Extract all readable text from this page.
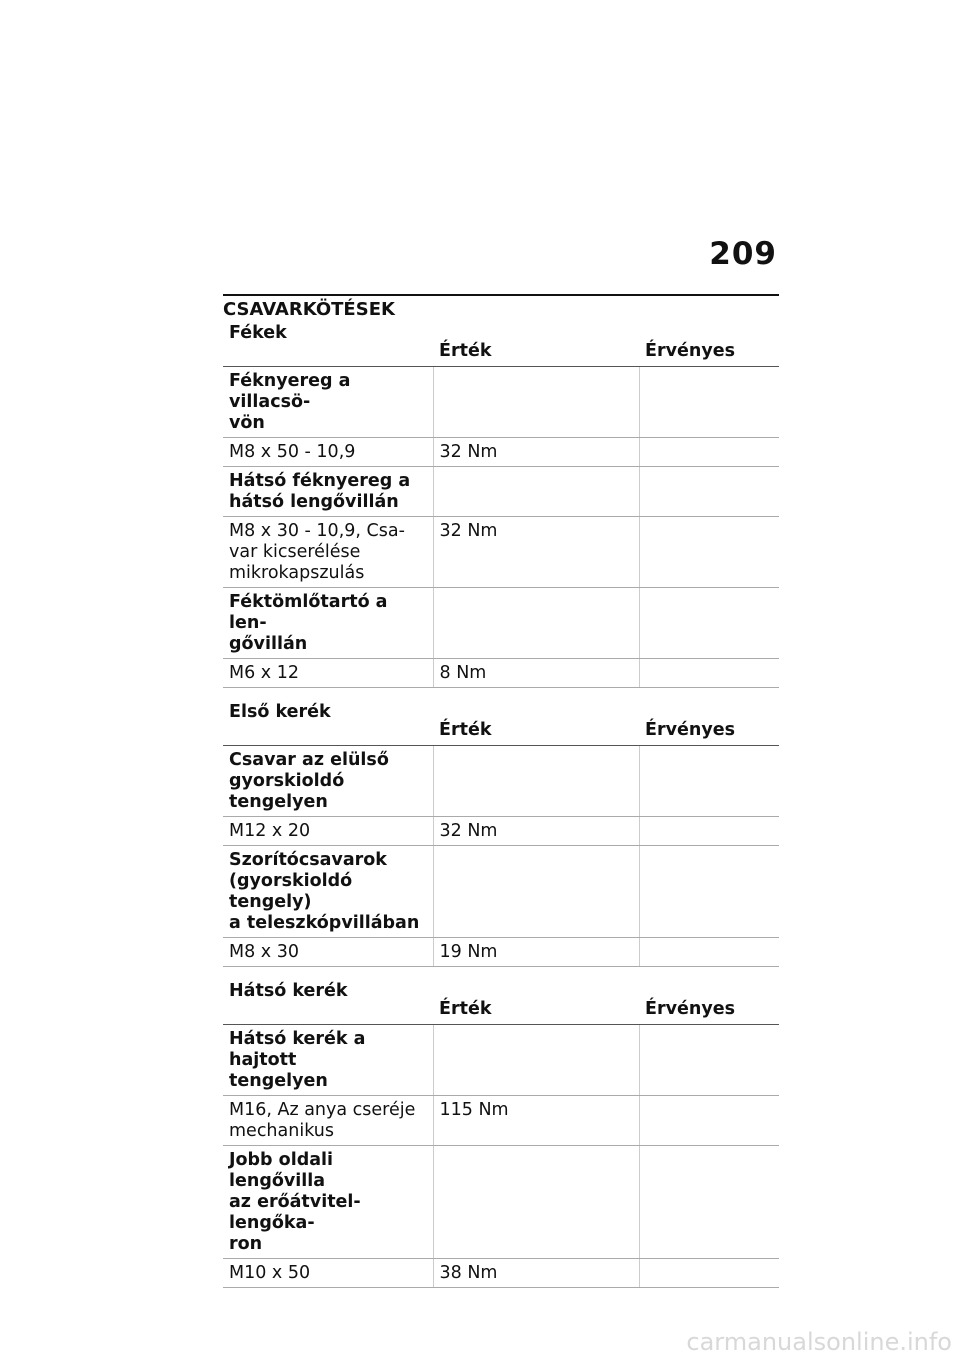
209
CSAVARKÖTÉSEK
Fékek	Érték	Érvényes
Féknyereg a villacsö-
vön		
M8 x 50 - 10,9	32 Nm	
Hátsó féknyereg a
hátsó lengővillán		
M8 x 30 - 10,9, Csa-
var kicserélése
mikrokapszulás	32 Nm	
Féktömlőtartó a len-
gővillán		
M6 x 12	8 Nm	

Első kerék	Érték	Érvényes
Csavar az elülső
gyorskioldó tengelyen		
M12 x 20	32 Nm	
Szorítócsavarok
(gyorskioldó tengely)
a teleszkópvillában		
M8 x 30	19 Nm	

Hátsó kerék	Érték	Érvényes
Hátsó kerék a hajtott
tengelyen		
M16, Az anya cseréje
mechanikus	115 Nm	
Jobb oldali lengővilla
az erőátvitel-lengőka-
ron		
M10 x 50	38 Nm	
carmanualsonline.info
